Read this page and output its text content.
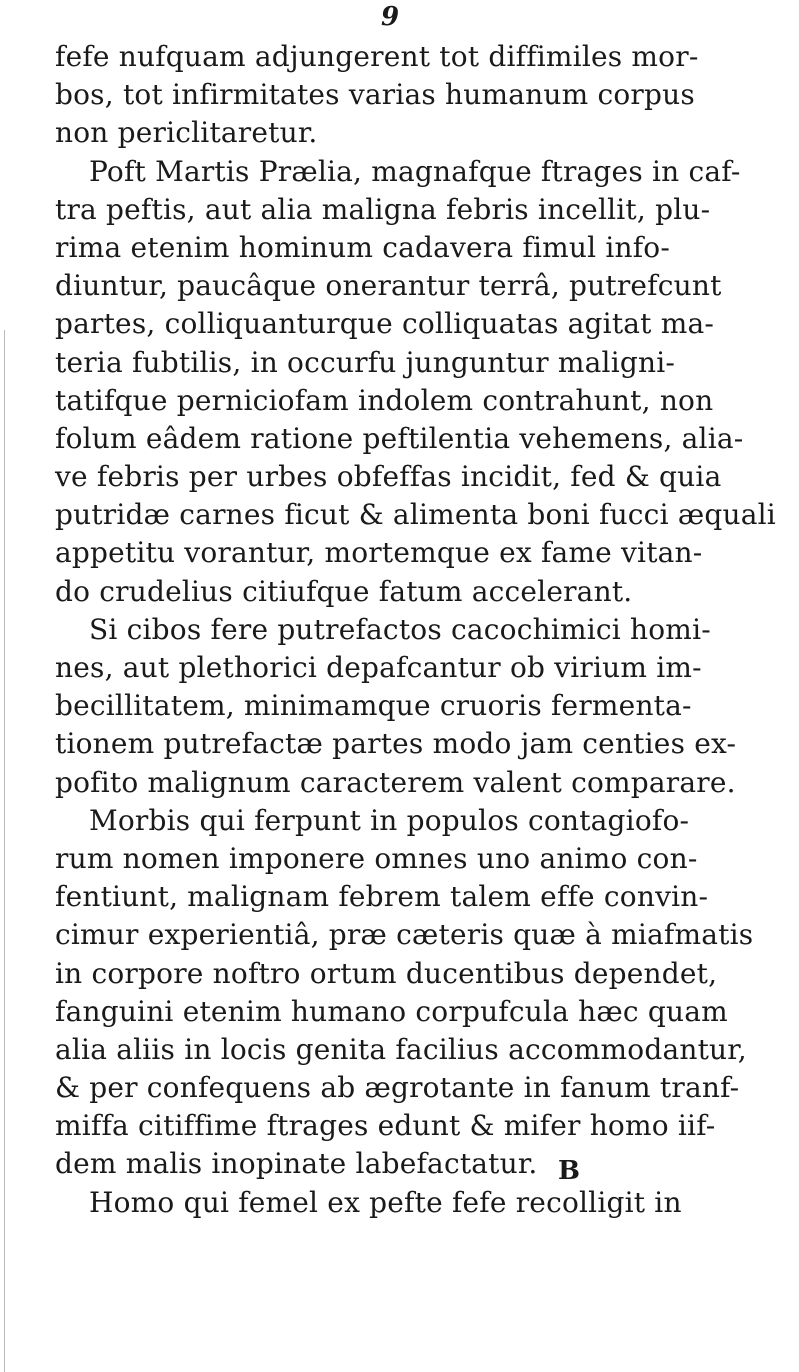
9
fefe nufquam adjungerent tot diffimiles mor-
bos, tot infirmitates varias humanum corpus
non periclitaretur.
Poft Martis Prælia, magnafque ftrages in caf-
tra peftis, aut alia maligna febris incellit, plu-
rima etenim hominum cadavera fimul info-
diuntur, paucâque onerantur terrâ, putrefcunt
partes, colliquanturque colliquatas agitat ma-
teria fubtilis, in occurfu junguntur maligni-
tatifque perniciofam indolem contrahunt, non
folum eâdem ratione peftilentia vehemens, alia-
ve febris per urbes obfeffas incidit, fed & quia
putridæ carnes ficut & alimenta boni fucci æquali
appetitu vorantur, mortemque ex fame vitan-
do crudelius citiufque fatum accelerant.
Si cibos fere putrefactos cacochimici homi-
nes, aut plethorici depafcantur ob virium im-
becillitatem, minimamque cruoris fermenta-
tionem putrefactæ partes modo jam centies ex-
pofito malignum caracterem valent comparare.
Morbis qui ferpunt in populos contagiofo-
rum nomen imponere omnes uno animo con-
fentiunt, malignam febrem talem effe convin-
cimur experientiâ, præ cæteris quæ à miafmatis
in corpore noftro ortum ducentibus dependet,
fanguini etenim humano corpufcula hæc quam
alia aliis in locis genita facilius accommodantur,
& per confequens ab ægrotante in fanum tranf-
miffa citiffime ftrages edunt & mifer homo iif-
dem malis inopinate labefactatur.
Homo qui femel ex pefte fefe recolligit in
B
